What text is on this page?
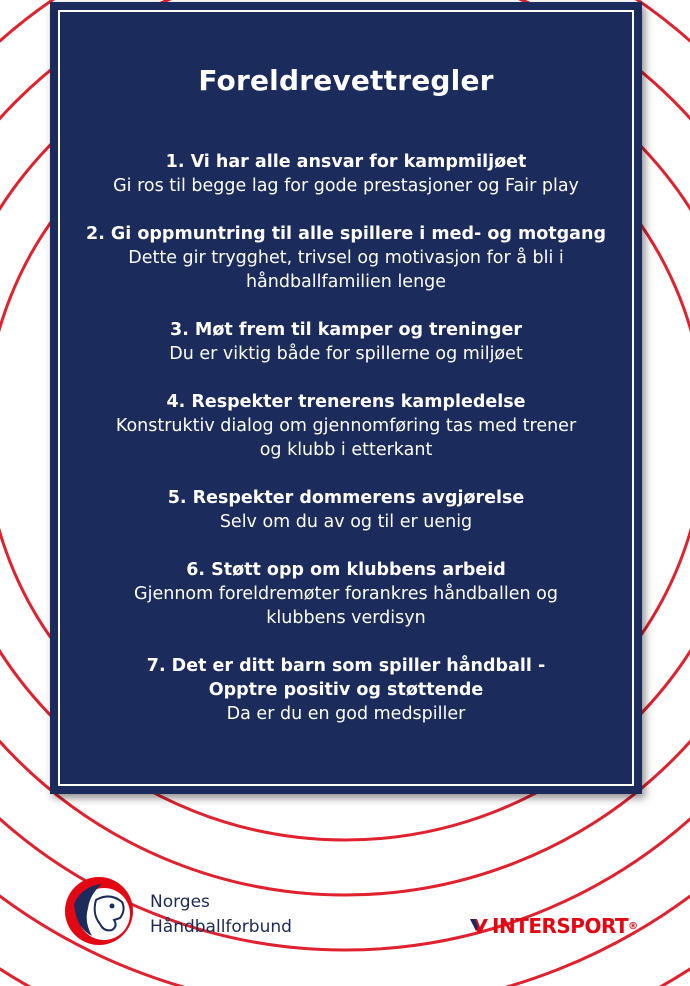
Foreldrevettregler
1. Vi har alle ansvar for kampmiljøet
Gi ros til begge lag for gode prestasjoner og Fair play
2. Gi oppmuntring til alle spillere i med- og motgang
Dette gir trygghet, trivsel og motivasjon for å bli i
håndballfamilien lenge
3. Møt frem til kamper og treninger
Du er viktig både for spillerne og miljøet
4. Respekter trenerens kampledelse
Konstruktiv dialog om gjennomføring tas med trener
og klubb i etterkant
5. Respekter dommerens avgjørelse
Selv om du av og til er uenig
6. Støtt opp om klubbens arbeid
Gjennom foreldremøter forankres håndballen og
klubbens verdisyn
7. Det er ditt barn som spiller håndball -
Opptre positiv og støttende
Da er du en god medspiller
Norges
Håndballforbund	INTERSPORT ®
